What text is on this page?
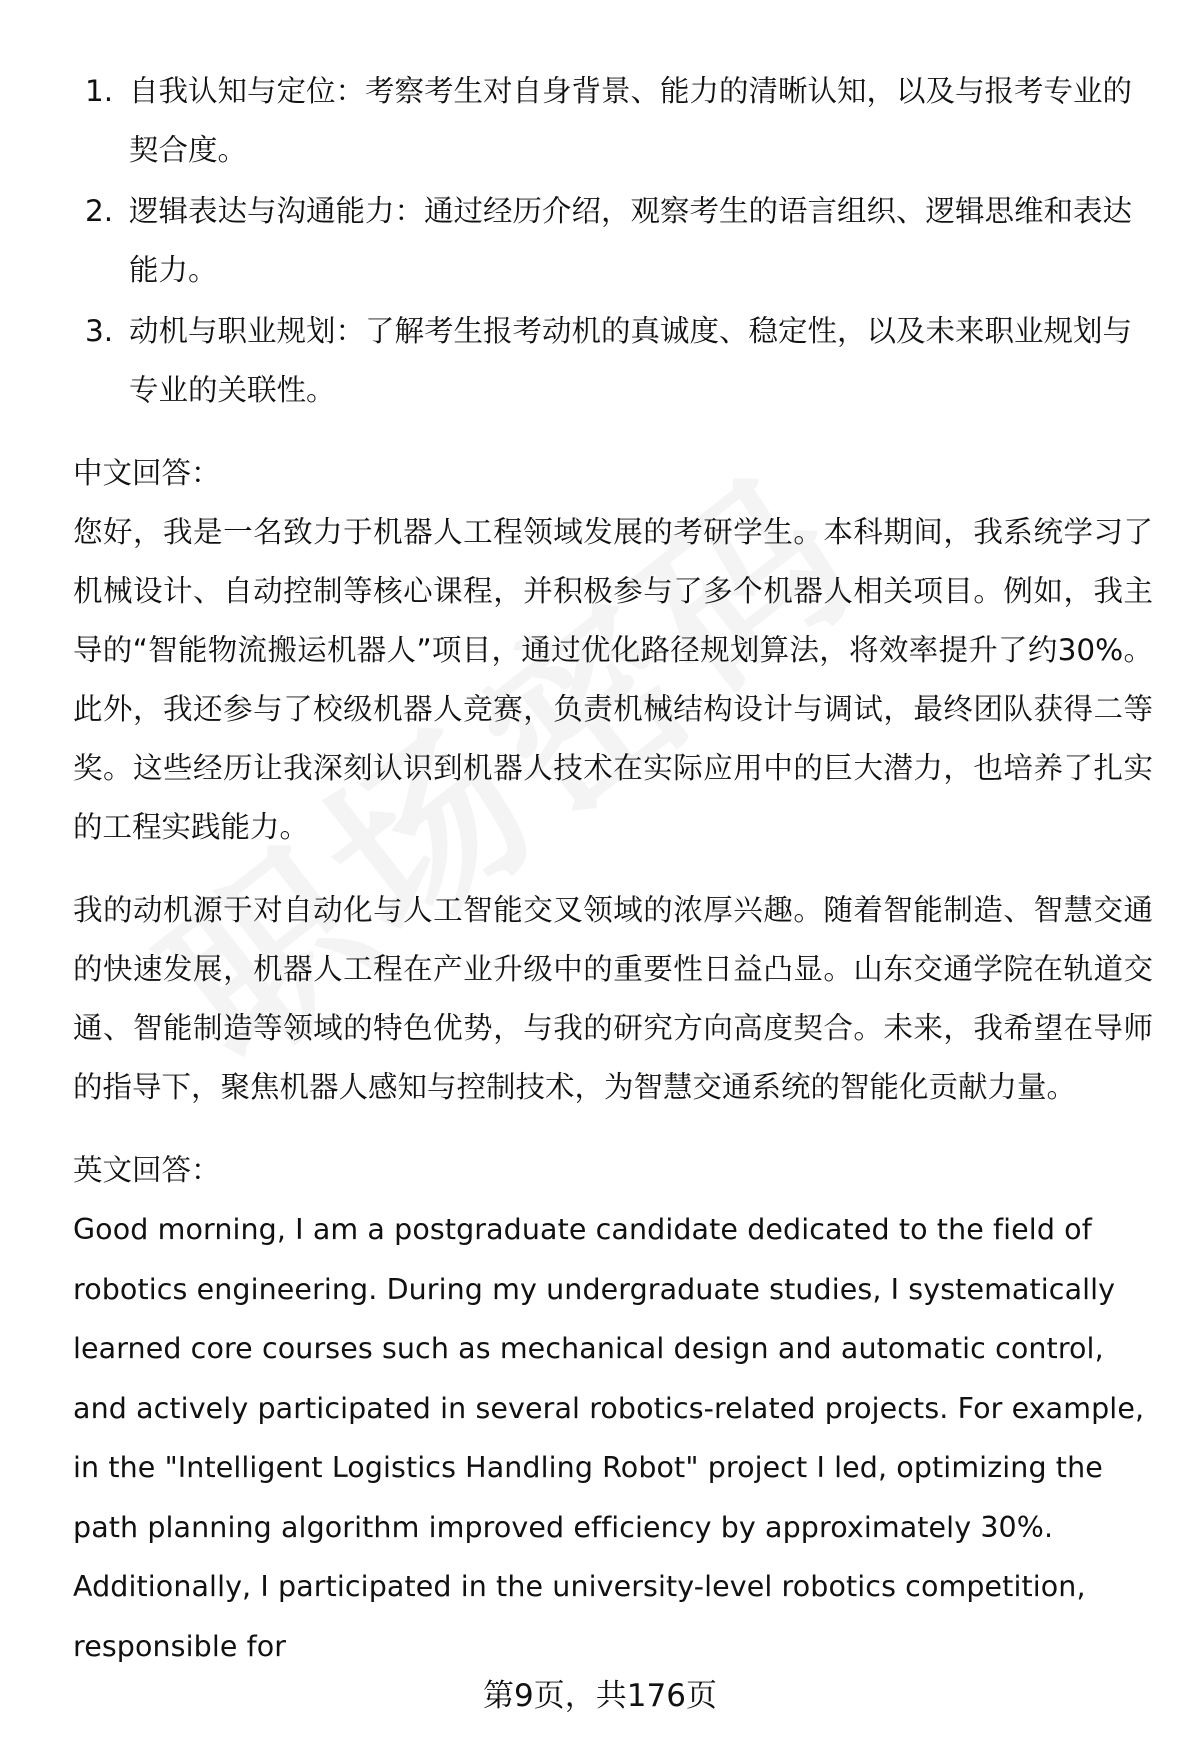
1. 自我认知与定位：考察考生对自身背景、能力的清晰认知，以及与报考专业的契合度。
2. 逻辑表达与沟通能力：通过经历介绍，观察考生的语言组织、逻辑思维和表达能力。
3. 动机与职业规划：了解考生报考动机的真诚度、稳定性，以及未来职业规划与专业的关联性。
中文回答：

您好，我是一名致力于机器人工程领域发展的考研学生。本科期间，我系统学习了机械设计、自动控制等核心课程，并积极参与了多个机器人相关项目。例如，我主导的“智能物流搬运机器人”项目，通过优化路径规划算法，将效率提升了约30%。此外，我还参与了校级机器人竞赛，负责机械结构设计与调试，最终团队获得二等奖。这些经历让我深刻认识到机器人技术在实际应用中的巨大潜力，也培养了扎实的工程实践能力。

我的动机源于对自动化与人工智能交叉领域的浓厚兴趣。随着智能制造、智慧交通的快速发展，机器人工程在产业升级中的重要性日益凸显。山东交通学院在轨道交通、智能制造等领域的特色优势，与我的研究方向高度契合。未来，我希望在导师的指导下，聚焦机器人感知与控制技术，为智慧交通系统的智能化贡献力量。

英文回答：

Good morning, I am a postgraduate candidate dedicated to the field of robotics engineering. During my undergraduate studies, I systematically learned core courses such as mechanical design and automatic control, and actively participated in several robotics-related projects. For example, in the "Intelligent Logistics Handling Robot" project I led, optimizing the path planning algorithm improved efficiency by approximately 30%. Additionally, I participated in the university-level robotics competition, responsible for

第9页，共176页
